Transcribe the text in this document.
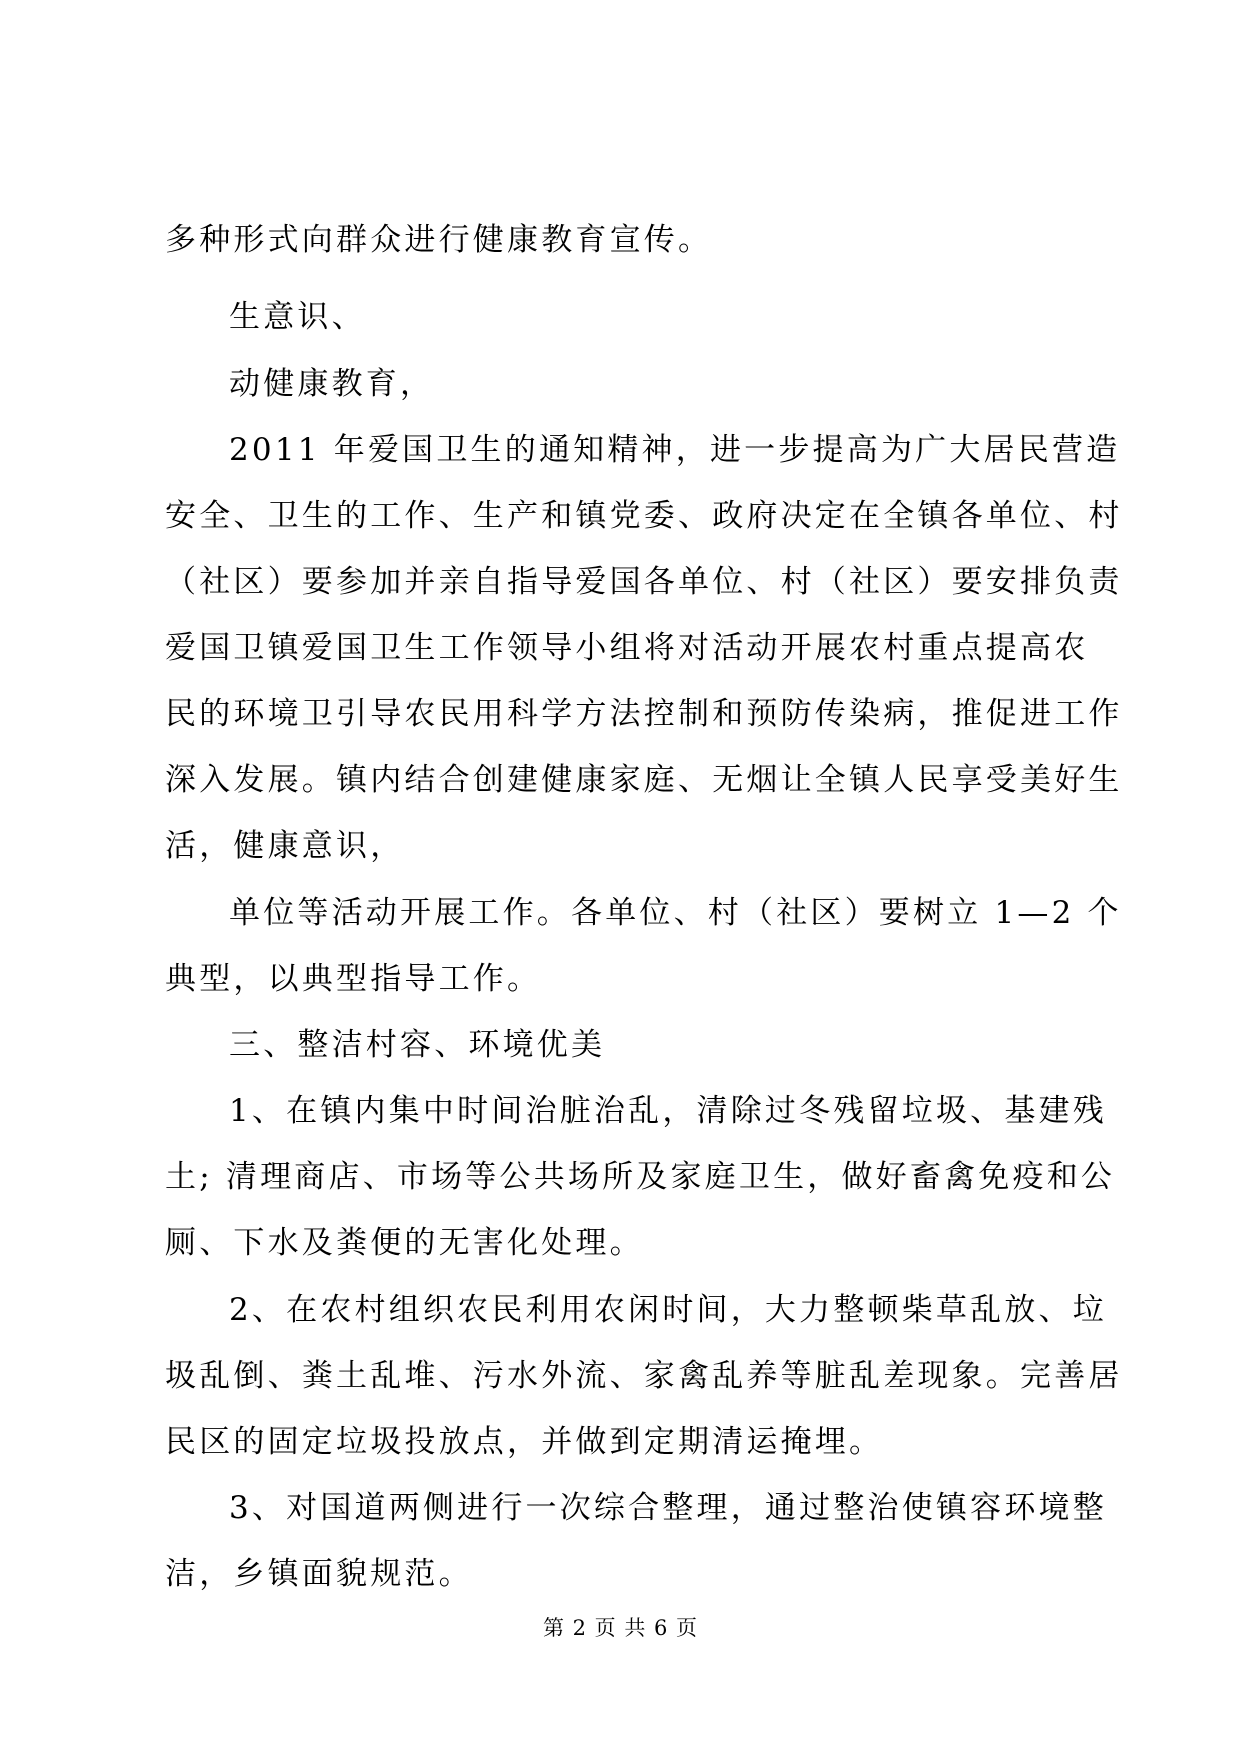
多种形式向群众进行健康教育宣传。
生意识、
动健康教育，
2011 年爱国卫生的通知精神，进一步提高为广大居民营造
安全、卫生的工作、生产和镇党委、政府决定在全镇各单位、村
（社区）要参加并亲自指导爱国各单位、村（社区）要安排负责
爱国卫镇爱国卫生工作领导小组将对活动开展农村重点提高农
民的环境卫引导农民用科学方法控制和预防传染病，推促进工作
深入发展。镇内结合创建健康家庭、无烟让全镇人民享受美好生
活，健康意识，
单位等活动开展工作。各单位、村（社区）要树立 1—2 个
典型，以典型指导工作。
三、整洁村容、环境优美
1、在镇内集中时间治脏治乱，清除过冬残留垃圾、基建残
土; 清理商店、市场等公共场所及家庭卫生，做好畜禽免疫和公
厕、下水及粪便的无害化处理。
2、在农村组织农民利用农闲时间，大力整顿柴草乱放、垃
圾乱倒、粪土乱堆、污水外流、家禽乱养等脏乱差现象。完善居
民区的固定垃圾投放点，并做到定期清运掩埋。
3、对国道两侧进行一次综合整理，通过整治使镇容环境整
洁，乡镇面貌规范。
第 2 页 共 6 页
